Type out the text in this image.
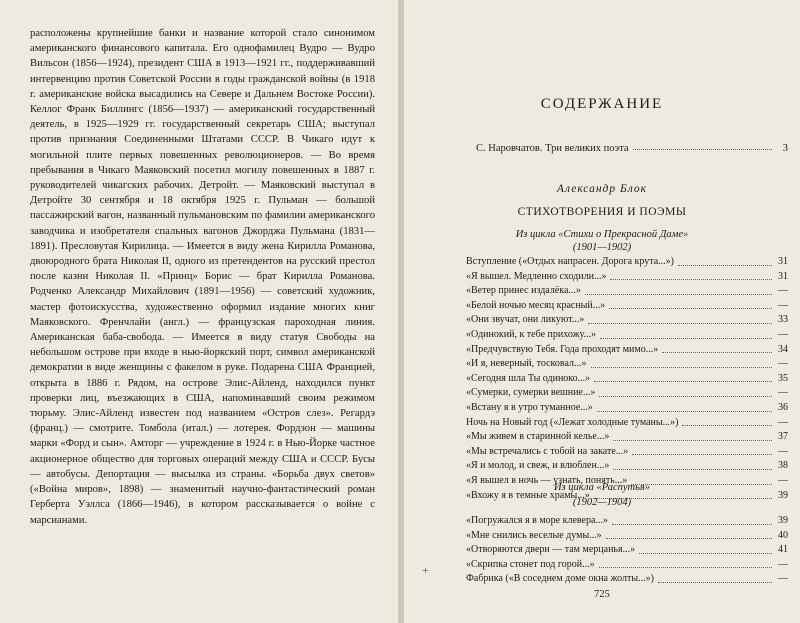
расположены крупнейшие банки и название которой стало синонимом американского финансового капитала. Его однофамилец Вудро — Вудро Вильсон (1856—1924), президент США в 1913—1921 гг., поддерживавший интервенцию против Советской России в годы гражданской войны (в 1918 г. американские войска высадились на Севере и Дальнем Востоке России). Келлог Франк Биллингс (1856—1937) — американский государственный деятель, в 1925—1929 гг. государственный секретарь США; выступал против признания Соединенными Штатами СССР. В Чикаго идут к могильной плите первых повешенных революционеров. — Во время пребывания в Чикаго Маяковский посетил могилу повешенных в 1887 г. руководителей чикагских рабочих. Детройт. — Маяковский выступал в Детройте 30 сентября и 18 октября 1925 г. Пульман — большой пассажирский вагон, названный пульмановским по фамилии американского заводчика и изобретателя спальных вагонов Джорджа Пульмана (1831—1891). Пресловутая Кирилица. — Имеется в виду жена Кирилла Романова, двоюродного брата Николая II, одного из претендентов на русский престол после казни Николая II. «Принц» Борис — брат Кирилла Романова. Родченко Александр Михайлович (1891—1956) — советский художник, мастер фотоискусства, художественно оформил издание многих книг Маяковского. Френчлайн (англ.) — французская пароходная линия. Американская баба-свобода. — Имеется в виду статуя Свободы на небольшом острове при входе в нью-йоркский порт, символ американской демократии в виде женщины с факелом в руке. Подарена США Францией, открыта в 1886 г. Рядом, на острове Элис-Айленд, находился пункт проверки лиц, въезжающих в США, напоминавший своим режимом тюрьму. Элис-Айленд известен под названием «Остров слез». Регардэ (франц.) — смотрите. Томбола (итал.) — лотерея. Фордзон — машины марки «Форд и сын». Амторг — учреждение в 1924 г. в Нью-Йорке частное акционерное общество для торговых операций между США и СССР. Бусы — автобусы. Депортация — высылка из страны. «Борьба двух светов» («Война миров», 1898) — знаменитый научно-фантастический роман Герберта Уэллса (1866—1946), в котором рассказывается о войне с марсианами.

СОДЕРЖАНИЕ
С. Наровчатов. Три великих поэта	3
Александр Блок
СТИХОТВОРЕНИЯ И ПОЭМЫ
Из цикла «Стихи о Прекрасной Даме»
(1901—1902)
Вступление («Отдых напрасен. Дорога крута...»)	31
«Я вышел. Медленно сходили...»	31
«Ветер принес издалёка...»	—
«Белой ночью месяц красный...»	—
«Они звучат, они ликуют...»	33
«Одинокий, к тебе прихожу...»	—
«Предчувствую Тебя. Года проходят мимо...»	34
«И я, неверный, тосковал...»	—
«Сегодня шла Ты одиноко...»	35
«Сумерки, сумерки вешние...»	—
«Встану я в утро туманное...»	36
Ночь на Новый год («Лежат холодные туманы...»)	—
«Мы живем в старинной келье...»	37
«Мы встречались с тобой на закате...»	—
«Я и молод, и свеж, и влюблен...»	38
«Я вышел в ночь — узнать, понять...»	—
«Вхожу я в темные храмы...»	39
Из цикла «Распутья»
(1902—1904)
«Погружался я в море клевера...»	39
«Мне снились веселые думы...»	40
«Отворяются двери — там мерцанья...»	41
«Скрипка стонет под горой...»	—
Фабрика («В соседнем доме окна жолты...»)	—
+
725
